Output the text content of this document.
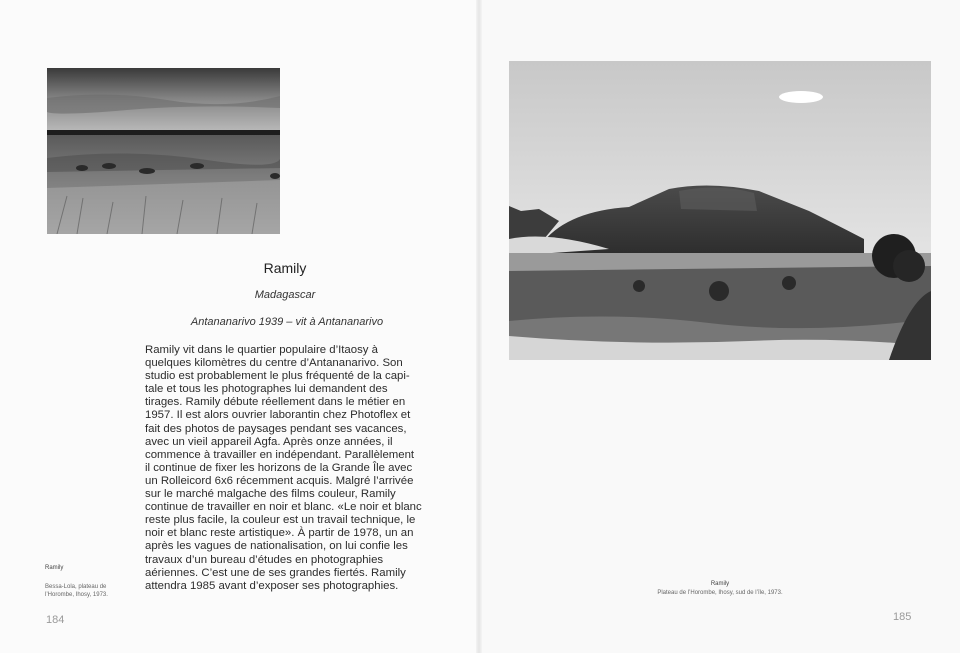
Ramily
Madagascar
Antananarivo 1939 – vit à Antananarivo

Ramily vit dans le quartier populaire d’Itaosy à

quelques kilomètres du centre d’Antananarivo. Son

studio est probablement le plus fréquenté de la capi-

tale et tous les photographes lui demandent des

tirages. Ramily débute réellement dans le métier en

1957. Il est alors ouvrier laborantin chez Photoflex et

fait des photos de paysages pendant ses vacances,

avec un vieil appareil Agfa. Après onze années, il

commence à travailler en indépendant. Parallèlement

il continue de fixer les horizons de la Grande Île avec

un Rolleicord 6x6 récemment acquis. Malgré l’arrivée

sur le marché malgache des films couleur, Ramily

continue de travailler en noir et blanc. «Le noir et blanc

reste plus facile, la couleur est un travail technique, le

noir et blanc reste artistique». À partir de 1978, un an

après les vagues de nationalisation, on lui confie les

travaux d’un bureau d’études en photographies

aériennes. C’est une de ses grandes fiertés. Ramily

attendra 1985 avant d’exposer ses photographies.

Ramily
Bessa-Lola, plateau de l’Horombe, Ihosy, 1973.
184
Ramily
Plateau de l’Horombe, Ihosy, sud de l’île, 1973.
185
